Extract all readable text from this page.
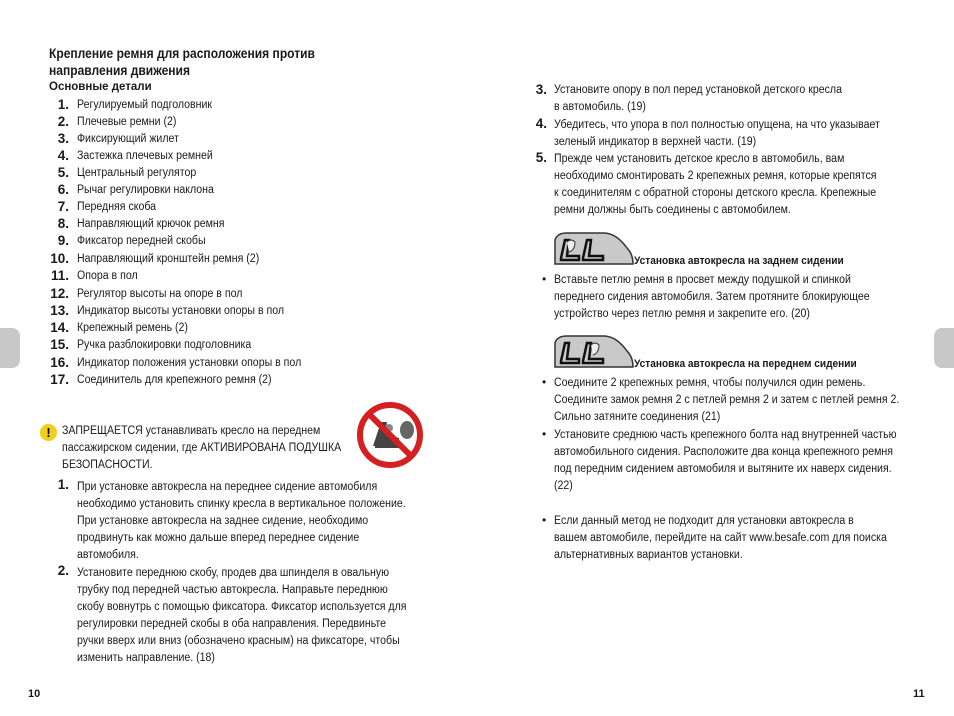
Крепление ремня для расположения против
направления движения
Основные детали
1. Регулируемый подголовник
2. Плечевые ремни (2)
3. Фиксирующий жилет
4. Застежка плечевых ремней
5. Центральный регулятор
6. Рычаг регулировки наклона
7. Передняя скоба
8. Направляющий крючок ремня
9. Фиксатор передней скобы
10. Направляющий кронштейн ремня (2)
11. Опора в пол
12. Регулятор высоты на опоре в пол
13. Индикатор высоты установки опоры в пол
14. Крепежный ремень (2)
15. Ручка разблокировки подголовника
16. Индикатор положения установки опоры в пол
17. Соединитель для крепежного ремня (2)
! ЗАПРЕЩАЕТСЯ устанавливать кресло на переднем
пассажирском сидении, где АКТИВИРОВАНА ПОДУШКА
БЕЗОПАСНОСТИ.
1. При установке автокресла на переднее сидение автомобиля
необходимо установить спинку кресла в вертикальное положение.
При установке автокресла на заднее сидение, необходимо
продвинуть как можно дальше вперед переднее сидение
автомобиля.
2. Установите переднюю скобу, продев два шпинделя в овальную
трубку под передней частью автокресла. Направьте переднюю
скобу вовнутрь с помощью фиксатора. Фиксатор используется для
регулировки передней скобы в оба направления. Передвиньте
ручки вверх или вниз (обозначено красным) на фиксаторе, чтобы
изменить направление. (18)
10
3. Установите опору в пол перед установкой детского кресла
в автомобиль. (19)
4. Убедитесь, что упора в пол полностью опущена, на что указывает
зеленый индикатор в верхней части. (19)
5. Прежде чем установить детское кресло в автомобиль, вам
необходимо смонтировать 2 крепежных ремня, которые крепятся
к соединителям с обратной стороны детского кресла. Крепежные
ремни должны быть соединены с автомобилем.
Установка автокресла на заднем сидении
• Вставьте петлю ремня в просвет между подушкой и спинкой
переднего сидения автомобиля. Затем протяните блокирующее
устройство через петлю ремня и закрепите его. (20)
Установка автокресла на переднем сидении
• Соедините 2 крепежных ремня, чтобы получился один ремень.
Соедините замок ремня 2 с петлей ремня 2 и затем с петлей ремня 2.
Сильно затяните соединения (21)
• Установите среднюю часть крепежного болта над внутренней частью
автомобильного сидения. Расположите два конца крепежного ремня
под передним сидением автомобиля и вытяните их наверх сидения.
(22)
• Если данный метод не подходит для установки автокресла в
вашем автомобиле, перейдите на сайт www.besafe.com для поиска
альтернативных вариантов установки.
11
